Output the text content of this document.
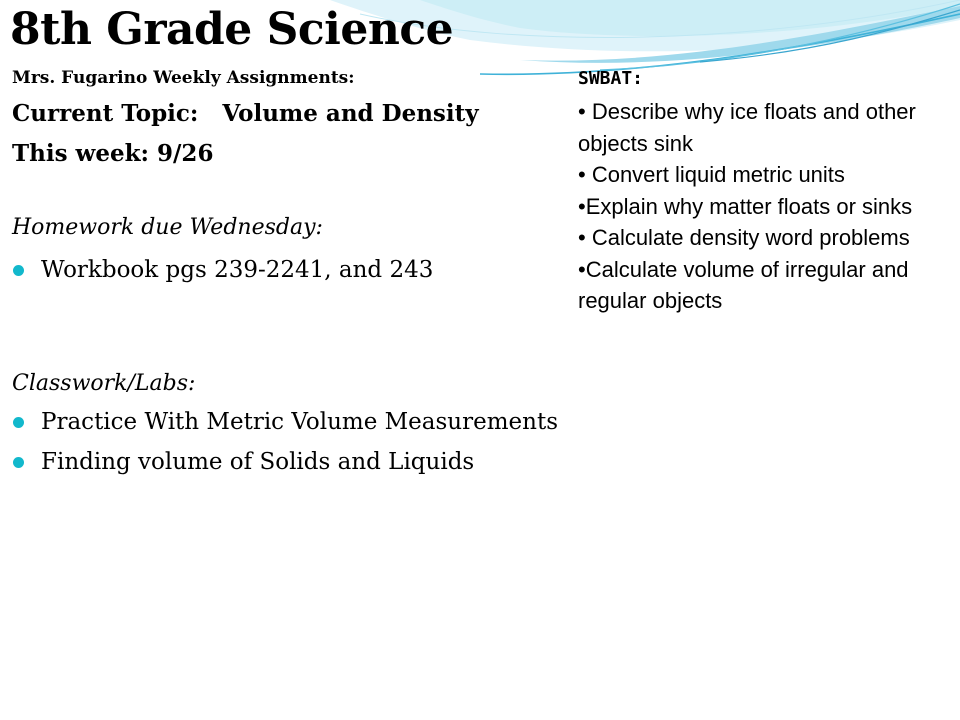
8th Grade Science
Mrs. Fugarino Weekly Assignments:
Current Topic:   Volume and Density
This week: 9/26
Homework due Wednesday:
Workbook pgs 239-2241, and 243
Classwork/Labs:
Practice With Metric Volume Measurements
Finding volume of Solids and Liquids
SWBAT:
• Describe why ice floats and other objects sink
• Convert liquid metric units
•Explain why matter floats or sinks
• Calculate density word problems
•Calculate volume of irregular and regular objects
